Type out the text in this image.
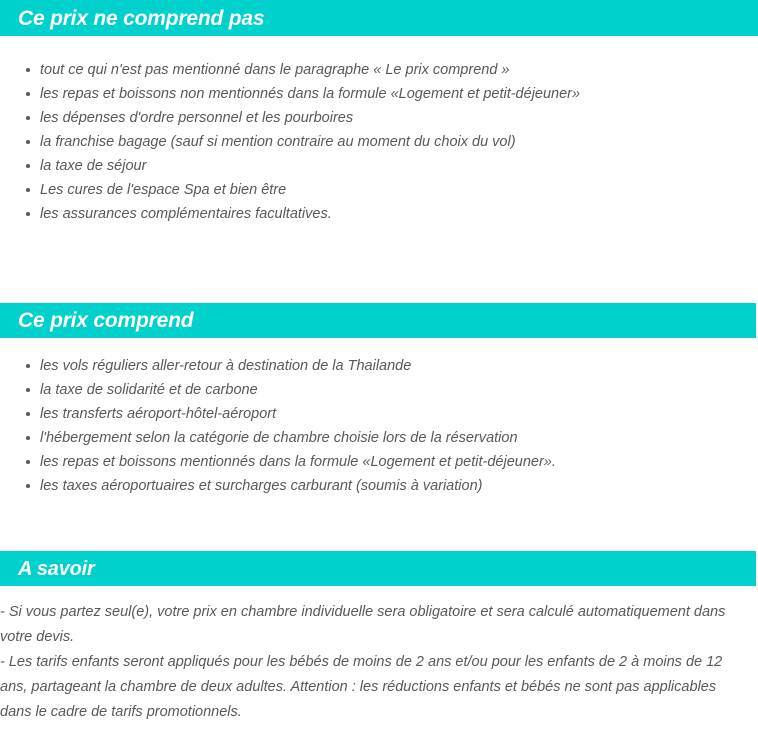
Ce prix ne comprend pas
tout ce qui n'est pas mentionné dans le paragraphe « Le prix comprend »
les repas et boissons non mentionnés dans la formule «Logement et petit-déjeuner»
les dépenses d'ordre personnel et les pourboires
la franchise bagage (sauf si mention contraire au moment du choix du vol)
la taxe de séjour
Les cures de l'espace Spa et bien être
les assurances complémentaires facultatives.
Ce prix comprend
les vols réguliers aller-retour à destination de la Thailande
la taxe de solidarité et de carbone
les transferts aéroport-hôtel-aéroport
l'hébergement selon la catégorie de chambre choisie lors de la réservation
les repas et boissons mentionnés dans la formule «Logement et petit-déjeuner».
les taxes aéroportuaires et surcharges carburant (soumis à variation)
A savoir

- Si vous partez seul(e), votre prix en chambre individuelle sera obligatoire et sera calculé automatiquement dans votre devis.

- Les tarifs enfants seront appliqués pour les bébés de moins de 2 ans et/ou pour les enfants de 2 à moins de 12 ans, partageant la chambre de deux adultes. Attention : les réductions enfants et bébés ne sont pas applicables dans le cadre de tarifs promotionnels.
